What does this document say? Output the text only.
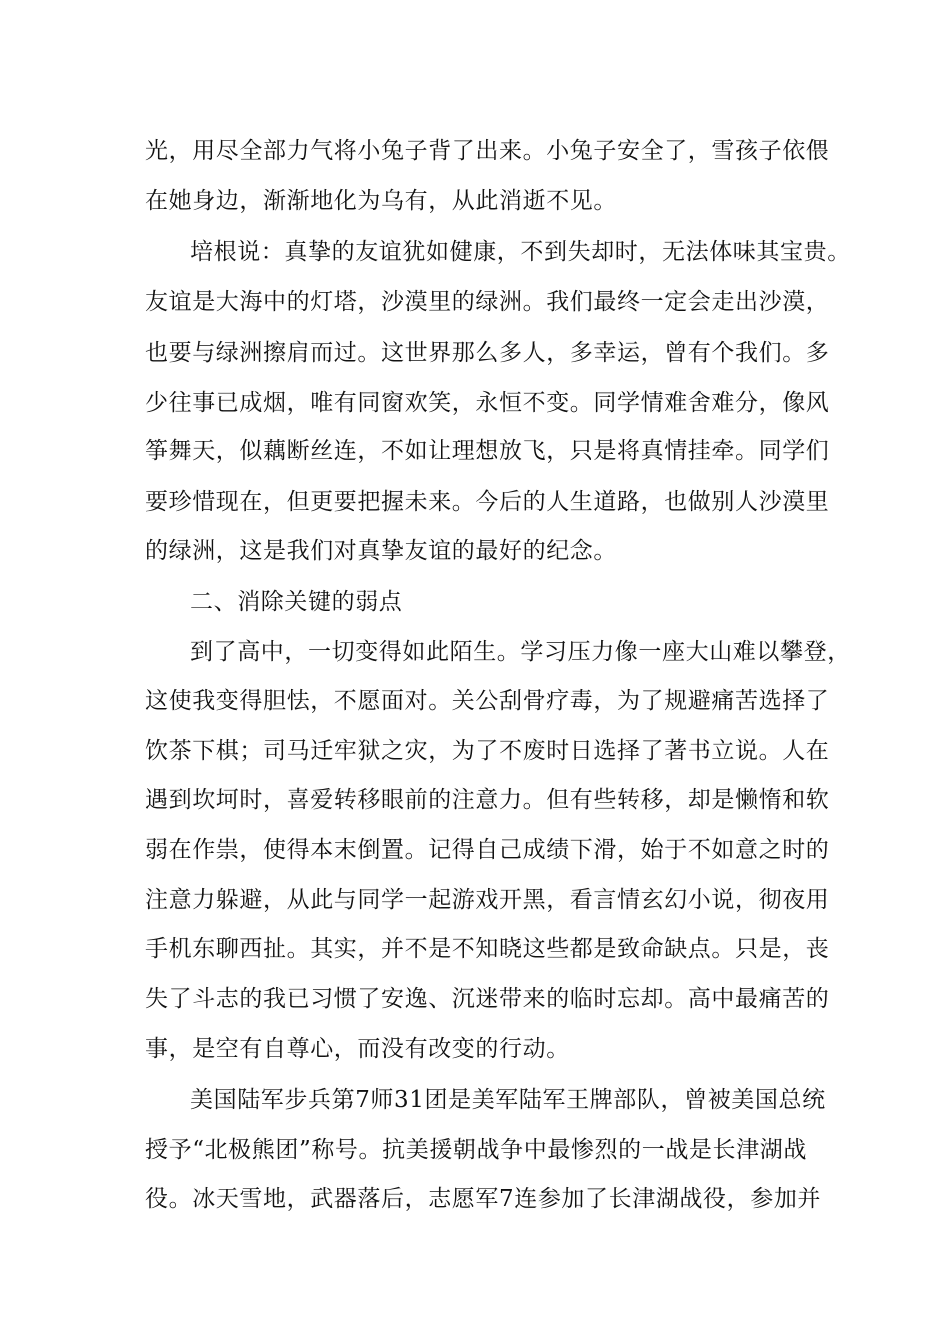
光，用尽全部力气将小兔子背了出来。小兔子安全了，雪孩子依偎
在她身边，渐渐地化为乌有，从此消逝不见。
培根说：真挚的友谊犹如健康，不到失却时，无法体味其宝贵。
友谊是大海中的灯塔，沙漠里的绿洲。我们最终一定会走出沙漠，
也要与绿洲擦肩而过。这世界那么多人，多幸运，曾有个我们。多
少往事已成烟，唯有同窗欢笑，永恒不变。同学情难舍难分，像风
筝舞天，似藕断丝连，不如让理想放飞，只是将真情挂牵。同学们
要珍惜现在，但更要把握未来。今后的人生道路，也做别人沙漠里
的绿洲，这是我们对真挚友谊的最好的纪念。
二、消除关键的弱点
到了高中，一切变得如此陌生。学习压力像一座大山难以攀登，
这使我变得胆怯，不愿面对。关公刮骨疗毒，为了规避痛苦选择了
饮茶下棋；司马迁牢狱之灾，为了不废时日选择了著书立说。人在
遇到坎坷时，喜爱转移眼前的注意力。但有些转移，却是懒惰和软
弱在作祟，使得本末倒置。记得自己成绩下滑，始于不如意之时的
注意力躲避，从此与同学一起游戏开黑，看言情玄幻小说，彻夜用
手机东聊西扯。其实，并不是不知晓这些都是致命缺点。只是，丧
失了斗志的我已习惯了安逸、沉迷带来的临时忘却。高中最痛苦的
事，是空有自尊心，而没有改变的行动。
美国陆军步兵第7师31团是美军陆军王牌部队，曾被美国总统
授予“北极熊团”称号。抗美援朝战争中最惨烈的一战是长津湖战
役。冰天雪地，武器落后，志愿军7连参加了长津湖战役，参加并
